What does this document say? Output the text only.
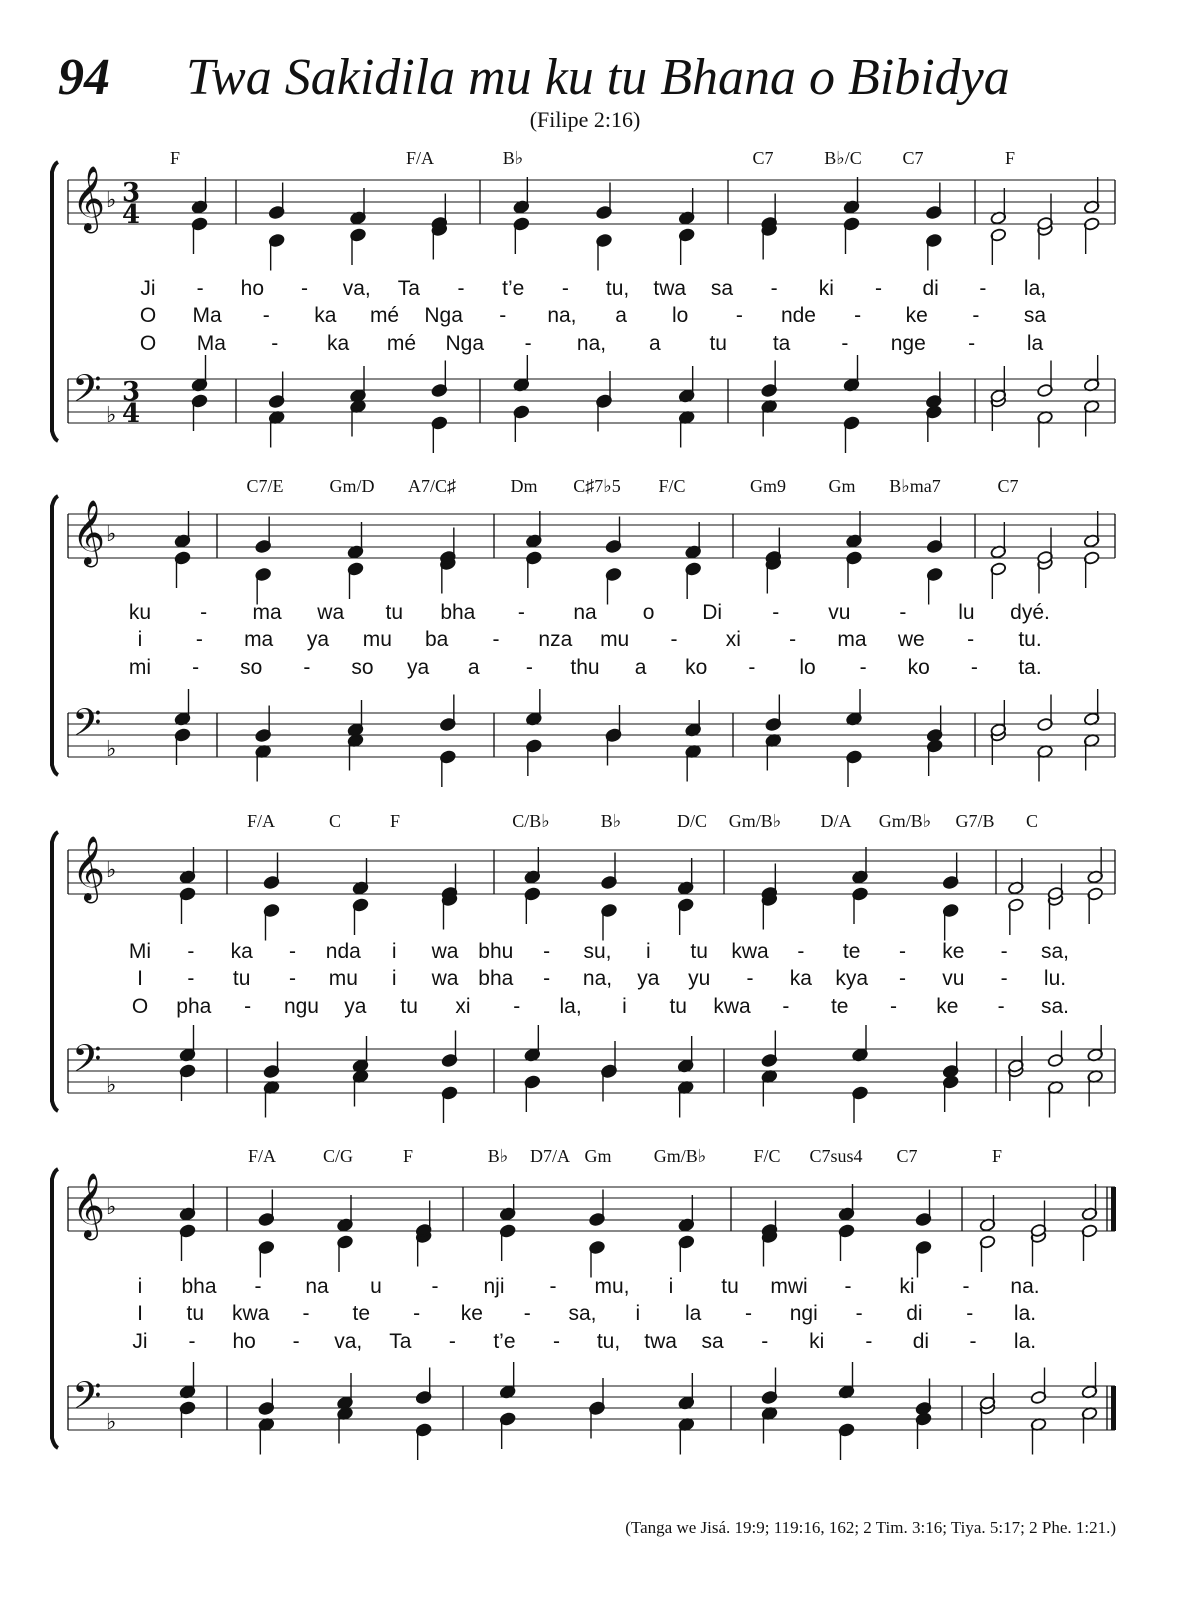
94 Twa Sakidila mu ku tu Bhana o Bibidya
(Filipe 2:16)
𝄞 ♭ 3
4
𝄢 ♭
3
4
F	F/A	B♭	C7	B♭/C C7	F
Ji - ho - va, Ta - t’e - tu, twa sa - ki - di - la,
O Ma - ka mé Nga - na, a lo - nde - ke - sa
O Ma - ka mé Nga - na, a tu ta - nge - la
𝄞 ♭
𝄢 ♭
C7/E	Gm/D A7/C♯	Dm C♯7♭5 F/C	Gm9 Gm B♭ma7	C7
ku - ma wa tu bha - na o Di - vu - lu dyé.
i	- ma ya mu ba - nza mu - xi - ma we - tu.
mi - so - so ya a - thu a ko - lo - ko - ta.
𝄞 ♭
𝄢 ♭
F/A	C	F	C/B♭	B♭	D/C Gm/B♭ D/A Gm/B♭ G7/B C
Mi - ka - nda i wa bhu - su, i tu kwa - te - ke - sa,
I - tu - mu i wa bha - na, ya yu - ka kya - vu - lu.
O pha - ngu ya tu xi - la, i tu kwa - te - ke - sa.
𝄞 ♭
𝄢 ♭
F/A	C/G	F	B♭ D7/A Gm Gm/B♭	F/C C7sus4 C7	F
i bha - na u - nji - mu, i tu mwi - ki - na.
I tu kwa - te - ke - sa, i la - ngi - di - la.
Ji - ho - va, Ta - t’e - tu, twa sa - ki - di - la.
(Tanga we Jisá. 19:9; 119:16, 162; 2 Tim. 3:16; Tiya. 5:17; 2 Phe. 1:21.)
